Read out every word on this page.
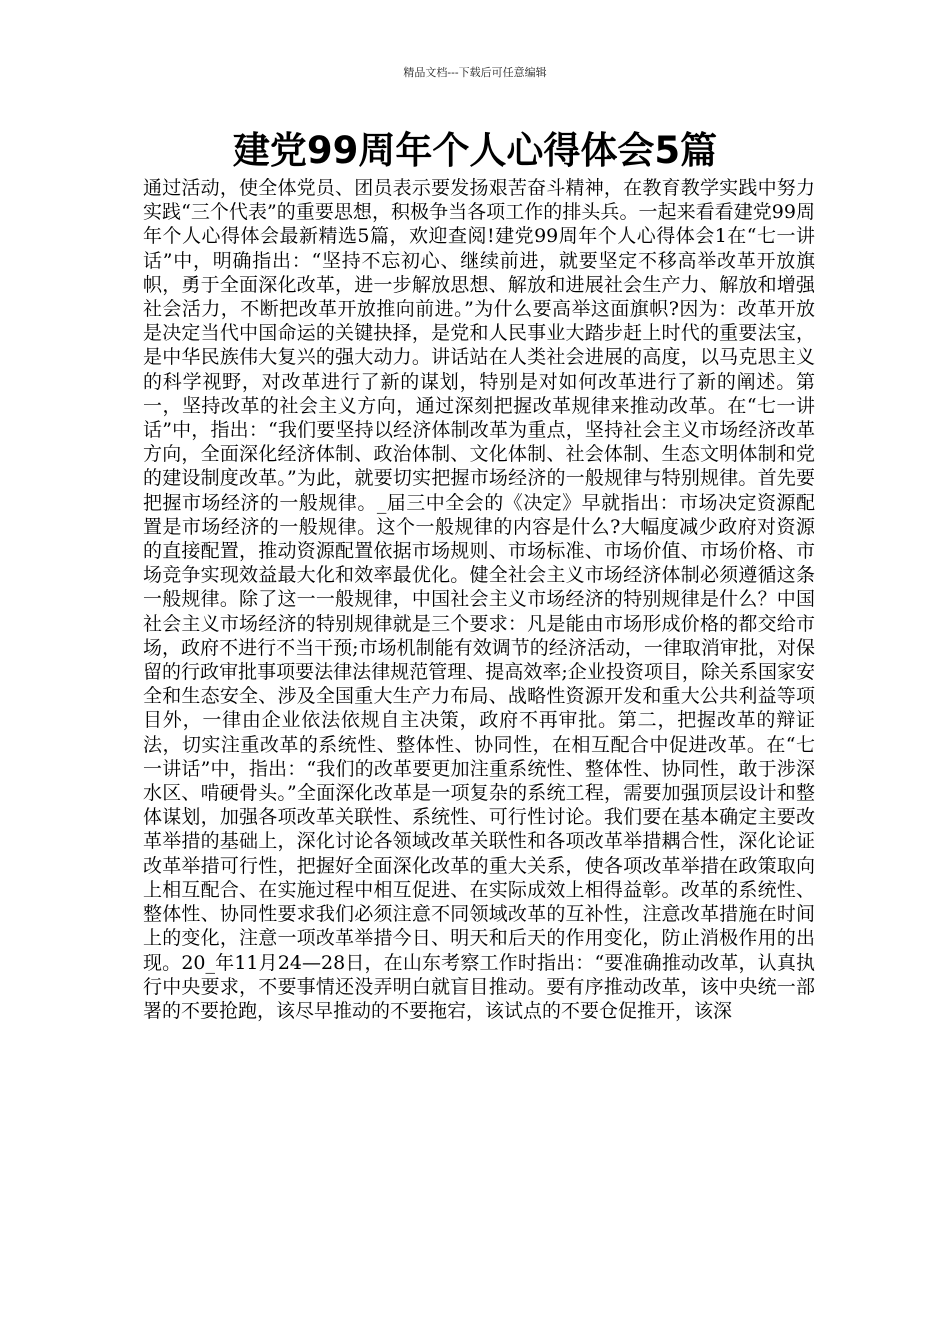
精品文档---下载后可任意编辑
建党99周年个人心得体会5篇

通过活动，使全体党员、团员表示要发扬艰苦奋斗精神，在教育教学实践中努力实践“三个代表”的重要思想，积极争当各项工作的排头兵。一起来看看建党99周年个人心得体会最新精选5篇，欢迎查阅!建党99周年个人心得体会1在“七一讲话”中，明确指出：“坚持不忘初心、继续前进，就要坚定不移高举改革开放旗帜，勇于全面深化改革，进一步解放思想、解放和进展社会生产力、解放和增强社会活力，不断把改革开放推向前进。”为什么要高举这面旗帜?因为：改革开放是决定当代中国命运的关键抉择，是党和人民事业大踏步赶上时代的重要法宝，是中华民族伟大复兴的强大动力。讲话站在人类社会进展的高度，以马克思主义的科学视野，对改革进行了新的谋划，特别是对如何改革进行了新的阐述。第一，坚持改革的社会主义方向，通过深刻把握改革规律来推动改革。在“七一讲话”中，指出：“我们要坚持以经济体制改革为重点，坚持社会主义市场经济改革方向，全面深化经济体制、政治体制、文化体制、社会体制、生态文明体制和党的建设制度改革。”为此，就要切实把握市场经济的一般规律与特别规律。首先要把握市场经济的一般规律。_届三中全会的《决定》早就指出：市场决定资源配置是市场经济的一般规律。这个一般规律的内容是什么?大幅度减少政府对资源的直接配置，推动资源配置依据市场规则、市场标准、市场价值、市场价格、市场竞争实现效益最大化和效率最优化。健全社会主义市场经济体制必须遵循这条一般规律。除了这一一般规律，中国社会主义市场经济的特别规律是什么？中国社会主义市场经济的特别规律就是三个要求：凡是能由市场形成价格的都交给市场，政府不进行不当干预;市场机制能有效调节的经济活动，一律取消审批，对保留的行政审批事项要法律法律规范管理、提高效率;企业投资项目，除关系国家安全和生态安全、涉及全国重大生产力布局、战略性资源开发和重大公共利益等项目外，一律由企业依法依规自主决策，政府不再审批。第二，把握改革的辩证法，切实注重改革的系统性、整体性、协同性，在相互配合中促进改革。在“七一讲话”中，指出：“我们的改革要更加注重系统性、整体性、协同性，敢于涉深水区、啃硬骨头。”全面深化改革是一项复杂的系统工程，需要加强顶层设计和整体谋划，加强各项改革关联性、系统性、可行性讨论。我们要在基本确定主要改革举措的基础上，深化讨论各领域改革关联性和各项改革举措耦合性，深化论证改革举措可行性，把握好全面深化改革的重大关系，使各项改革举措在政策取向上相互配合、在实施过程中相互促进、在实际成效上相得益彰。改革的系统性、整体性、协同性要求我们必须注意不同领域改革的互补性，注意改革措施在时间上的变化，注意一项改革举措今日、明天和后天的作用变化，防止消极作用的出现。20_年11月24—28日，在山东考察工作时指出：“要准确推动改革，认真执行中央要求，不要事情还没弄明白就盲目推动。要有序推动改革，该中央统一部署的不要抢跑，该尽早推动的不要拖宕，该试点的不要仓促推开，该深
